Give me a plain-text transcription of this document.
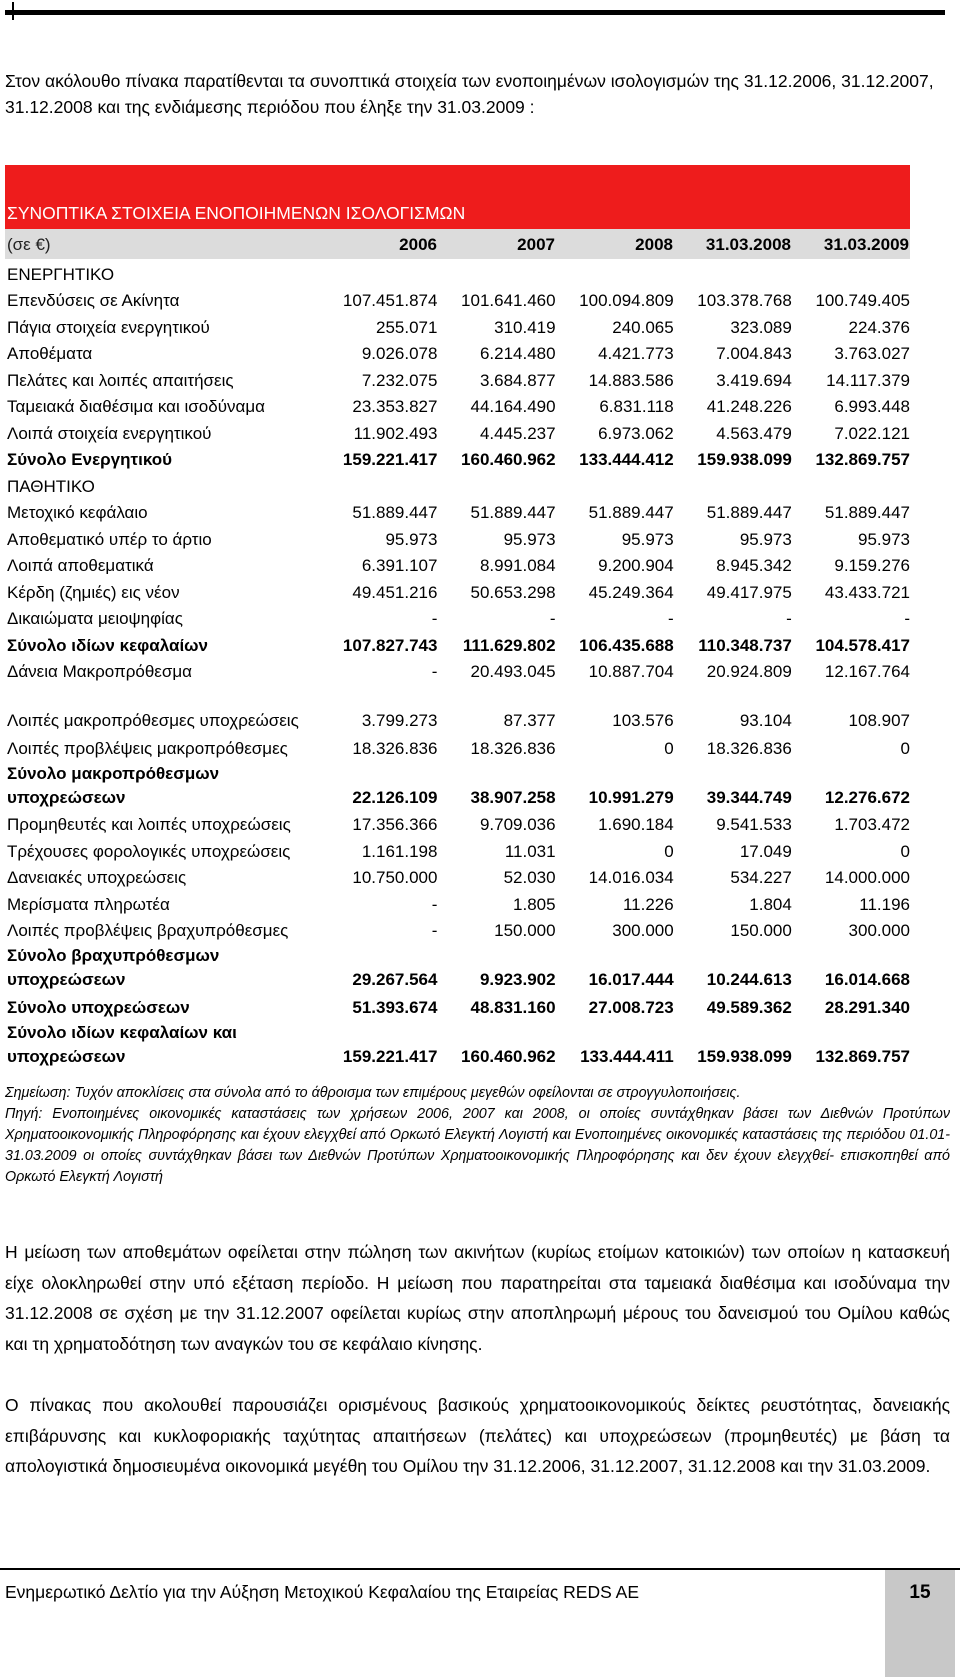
Στον ακόλουθο πίνακα παρατίθενται τα συνοπτικά στοιχεία των ενοποιημένων ισολογισμών της 31.12.2006, 31.12.2007, 31.12.2008 και της ενδιάμεσης περιόδου που έληξε την 31.03.2009 :
ΣΥΝΟΠΤΙΚΑ ΣΤΟΙΧΕΙΑ ΕΝΟΠΟΙΗΜΕΝΩΝ ΙΣΟΛΟΓΙΣΜΩΝ
(σε €)	2006	2007	2008	31.03.2008	31.03.2009
ΕΝΕΡΓΗΤΙΚΟ					
Επενδύσεις σε Ακίνητα	107.451.874	101.641.460	100.094.809	103.378.768	100.749.405
Πάγια στοιχεία ενεργητικού	255.071	310.419	240.065	323.089	224.376
Αποθέματα	9.026.078	6.214.480	4.421.773	7.004.843	3.763.027
Πελάτες και λοιπές απαιτήσεις	7.232.075	3.684.877	14.883.586	3.419.694	14.117.379
Ταμειακά διαθέσιμα και ισοδύναμα	23.353.827	44.164.490	6.831.118	41.248.226	6.993.448
Λοιπά στοιχεία ενεργητικού	11.902.493	4.445.237	6.973.062	4.563.479	7.022.121
Σύνολο Ενεργητικού	159.221.417	160.460.962	133.444.412	159.938.099	132.869.757
ΠΑΘΗΤΙΚΟ					
Μετοχικό κεφάλαιο	51.889.447	51.889.447	51.889.447	51.889.447	51.889.447
Αποθεματικό υπέρ το άρτιο	95.973	95.973	95.973	95.973	95.973
Λοιπά αποθεματικά	6.391.107	8.991.084	9.200.904	8.945.342	9.159.276
Κέρδη (ζημιές) εις νέον	49.451.216	50.653.298	45.249.364	49.417.975	43.433.721
Δικαιώματα μειοψηφίας	-	-	-	-	-
Σύνολο ιδίων κεφαλαίων	107.827.743	111.629.802	106.435.688	110.348.737	104.578.417
Δάνεια Μακροπρόθεσμα	-	20.493.045	10.887.704	20.924.809	12.167.764
Λοιπές μακροπρόθεσμες υποχρεώσεις	3.799.273	87.377	103.576	93.104	108.907
Λοιπές προβλέψεις μακροπρόθεσμες	18.326.836	18.326.836	0	18.326.836	0
Σύνολο μακροπρόθεσμων υποχρεώσεων	22.126.109	38.907.258	10.991.279	39.344.749	12.276.672
Προμηθευτές και λοιπές υποχρεώσεις	17.356.366	9.709.036	1.690.184	9.541.533	1.703.472
Τρέχουσες φορολογικές υποχρεώσεις	1.161.198	11.031	0	17.049	0
Δανειακές υποχρεώσεις	10.750.000	52.030	14.016.034	534.227	14.000.000
Μερίσματα πληρωτέα	-	1.805	11.226	1.804	11.196
Λοιπές προβλέψεις βραχυπρόθεσμες	-	150.000	300.000	150.000	300.000
Σύνολο βραχυπρόθεσμων υποχρεώσεων	29.267.564	9.923.902	16.017.444	10.244.613	16.014.668
Σύνολο υποχρεώσεων	51.393.674	48.831.160	27.008.723	49.589.362	28.291.340
Σύνολο ιδίων κεφαλαίων και υποχρεώσεων	159.221.417	160.460.962	133.444.411	159.938.099	132.869.757
Σημείωση: Τυχόν αποκλίσεις στα σύνολα από το άθροισμα των επιμέρους μεγεθών οφείλονται σε στρογγυλοποιήσεις.
Πηγή: Ενοποιημένες οικονομικές καταστάσεις των χρήσεων 2006, 2007 και 2008, οι οποίες συντάχθηκαν βάσει των Διεθνών Προτύπων Χρηματοοικονομικής Πληροφόρησης και έχουν ελεγχθεί από Ορκωτό Ελεγκτή Λογιστή και Ενοποιημένες οικονομικές καταστάσεις της περιόδου 01.01-31.03.2009 οι οποίες συντάχθηκαν βάσει των Διεθνών Προτύπων Χρηματοοικονομικής Πληροφόρησης και δεν έχουν ελεγχθεί- επισκοπηθεί από Ορκωτό Ελεγκτή Λογιστή
Η μείωση των αποθεμάτων οφείλεται στην πώληση των ακινήτων (κυρίως ετοίμων κατοικιών) των οποίων η κατασκευή είχε ολοκληρωθεί στην υπό εξέταση περίοδο. Η μείωση που παρατηρείται στα ταμειακά διαθέσιμα και ισοδύναμα την 31.12.2008 σε σχέση με την 31.12.2007 οφείλεται κυρίως στην αποπληρωμή μέρους του δανεισμού του Ομίλου καθώς και τη χρηματοδότηση των αναγκών του σε κεφάλαιο κίνησης.
Ο πίνακας που ακολουθεί παρουσιάζει ορισμένους βασικούς χρηματοοικονομικούς δείκτες ρευστότητας, δανειακής επιβάρυνσης και κυκλοφοριακής ταχύτητας απαιτήσεων (πελάτες) και υποχρεώσεων (προμηθευτές) με βάση τα απολογιστικά δημοσιευμένα οικονομικά μεγέθη του Ομίλου την 31.12.2006, 31.12.2007, 31.12.2008 και την 31.03.2009.
Ενημερωτικό Δελτίο για την Αύξηση Μετοχικού Κεφαλαίου της Εταιρείας REDS AE	15
